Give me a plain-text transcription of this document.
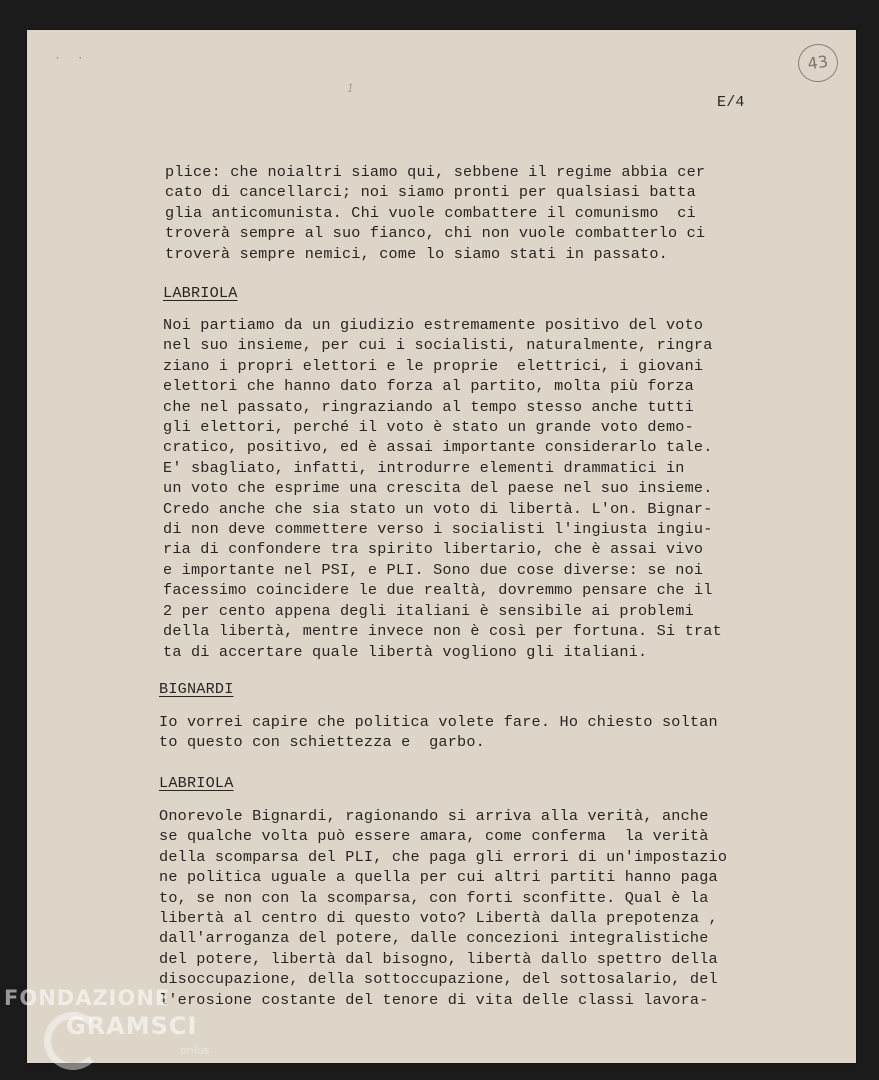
··
1
43
E/4
plice: che noialtri siamo qui, sebbene il regime abbia cer
cato di cancellarci; noi siamo pronti per qualsiasi batta
glia anticomunista. Chi vuole combattere il comunismo  ci
troverà sempre al suo fianco, chi non vuole combatterlo ci
troverà sempre nemici, come lo siamo stati in passato.
LABRIOLA
Noi partiamo da un giudizio estremamente positivo del voto
nel suo insieme, per cui i socialisti, naturalmente, ringra
ziano i propri elettori e le proprie  elettrici, i giovani
elettori che hanno dato forza al partito, molta più forza
che nel passato, ringraziando al tempo stesso anche tutti
gli elettori, perché il voto è stato un grande voto demo-
cratico, positivo, ed è assai importante considerarlo tale.
E' sbagliato, infatti, introdurre elementi drammatici in
un voto che esprime una crescita del paese nel suo insieme.
Credo anche che sia stato un voto di libertà. L'on. Bignar-
di non deve commettere verso i socialisti l'ingiusta ingiu-
ria di confondere tra spirito libertario, che è assai vivo
e importante nel PSI, e PLI. Sono due cose diverse: se noi
facessimo coincidere le due realtà, dovremmo pensare che il
2 per cento appena degli italiani è sensibile ai problemi
della libertà, mentre invece non è così per fortuna. Si trat
ta di accertare quale libertà vogliono gli italiani.
BIGNARDI
Io vorrei capire che politica volete fare. Ho chiesto soltan
to questo con schiettezza e  garbo.
LABRIOLA
Onorevole Bignardi, ragionando si arriva alla verità, anche
se qualche volta può essere amara, come conferma  la verità
della scomparsa del PLI, che paga gli errori di un'impostazio
ne politica uguale a quella per cui altri partiti hanno paga
to, se non con la scomparsa, con forti sconfitte. Qual è la
libertà al centro di questo voto? Libertà dalla prepotenza ,
dall'arroganza del potere, dalle concezioni integralistiche
del potere, libertà dal bisogno, libertà dallo spettro della
disoccupazione, della sottoccupazione, del sottosalario, del
l'erosione costante del tenore di vita delle classi lavora-
FONDAZIONE
GRAMSCI
onlus
